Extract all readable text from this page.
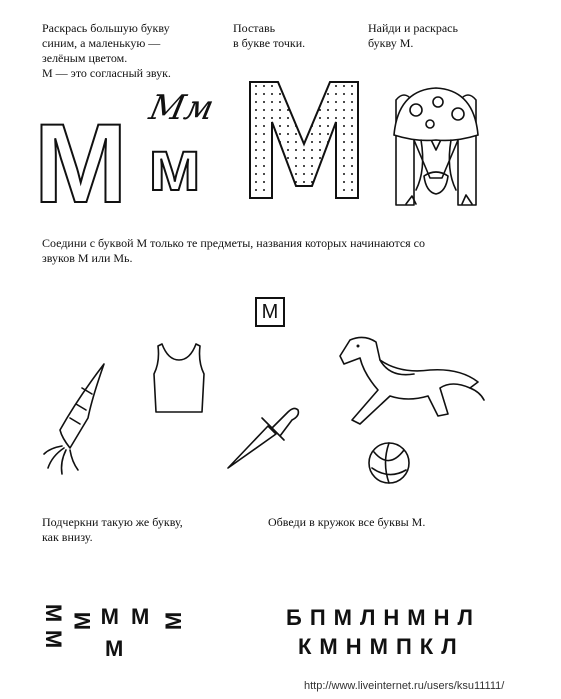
Раскрась большую букву
синим, а маленькую —
зелёным цветом.
М — это согласный звук.
Поставь
в букве точки.
Найди и раскрась
букву М.
М м
Мм
Соедини с буквой М только те предметы, названия которых начинаются со
звуков М или Мь.
М
Подчеркни такую же букву,
как внизу.
М М М М М М	М
Обведи в кружок все буквы М.
БПМЛНМНЛ
КМНМПКЛ
http://www.liveinternet.ru/users/ksu11111/
